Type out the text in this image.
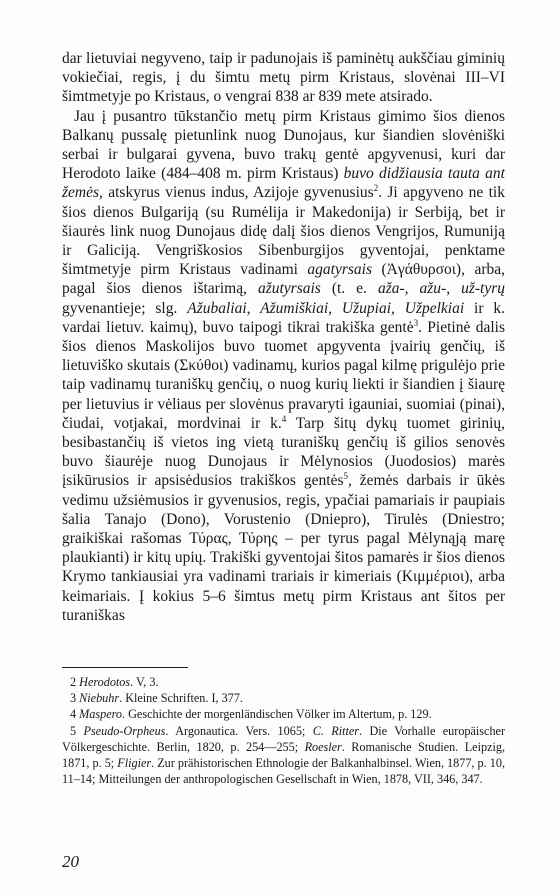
dar lietuviai negyveno, taip ir padunojais iš paminėtų aukščiau giminių vokiečiai, regis, į du šimtu metų pirm Kristaus, slovėnai III–VI šimtmetyje po Kristaus, o vengrai 838 ar 839 mete atsirado.

Jau į pusantro tūkstančio metų pirm Kristaus gimimo šios dienos Balkanų pussalę pietunlink nuog Dunojaus, kur šiandien slovėniški serbai ir bulgarai gyvena, buvo trakų gentė apgyvenusi, kuri dar Herodoto laike (484–408 m. pirm Kristaus) buvo didžiausia tauta ant žemės, atskyrus vienus indus, Azijoje gyvenusius$^2$. Ji apgyveno ne tik šios dienos Bulgariją (su Rumėlija ir Makedonija) ir Serbiją, bet ir šiaurės link nuog Dunojaus didę dalį šios dienos Vengrijos, Rumuniją ir Galiciją. Vengriškosios Sibenburgijos gyventojai, penktame šimtmetyje pirm Kristaus vadinami agatyrsais (Ἀγάθυρσοι), arba, pagal šios dienos ištarimą, ažutyrsais (t. e. aža-, ažu-, už-tyrų gyvenantieje; slg. Ažubaliai, Ažumiškiai, Užupiai, Užpelkiai ir k. vardai lietuv. kaimų), buvo taipogi tikrai trakiška gentė$^3$. Pietinė dalis šios dienos Maskolijos buvo tuomet apgyventa įvairių genčių, iš lietuviško skutais (Σκύθοι) vadinamų, kurios pagal kilmę prigulėjo prie taip vadinamų turaniškų genčių, o nuog kurių liekti ir šiandien į šiaurę per lietuvius ir vėliaus per slovėnus pravaryti igauniai, suomiai (pinai), čiudai, votjakai, mordvinai ir k.$^4$ Tarp šitų dykų tuomet girinių, besibastančių iš vietos ing vietą turaniškų genčių iš gilios senovės buvo šiaurėje nuog Dunojaus ir Mėlynosios (Juodosios) marės įsikūrusios ir apsisėdusios trakiškos gentės$^5$, žemės darbais ir ūkės vedimu užsiėmusios ir gyvenusios, regis, ypačiai pamariais ir paupiais šalia Tanajo (Dono), Vorustenio (Dniepro), Tirulės (Dniestro; graikiškai rašomas Τύρας, Τύρης – per tyrus pagal Mėlynąją marę plaukianti) ir kitų upių. Trakiški gyventojai šitos pamarės ir šios dienos Krymo tankiausiai yra vadinami trariais ir kimeriais (Κιμμέριοι), arba keimariais. Į kokius 5–6 šimtus metų pirm Kristaus ant šitos per turaniškas

2 Herodotos. V, 3.

3 Niebuhr. Kleine Schriften. I, 377.

4 Maspero. Geschichte der morgenländischen Völker im Altertum, p. 129.

5 Pseudo-Orpheus. Argonautica. Vers. 1065; C. Ritter. Die Vorhalle europäischer Völkergeschichte. Berlin, 1820, p. 254—255; Roesler. Romanische Studien. Leipzig, 1871, p. 5; Fligier. Zur prähistorischen Ethnologie der Balkanhalbinsel. Wien, 1877, p. 10, 11–14; Mitteilungen der anthropologischen Gesellschaft in Wien, 1878, VII, 346, 347.

20
